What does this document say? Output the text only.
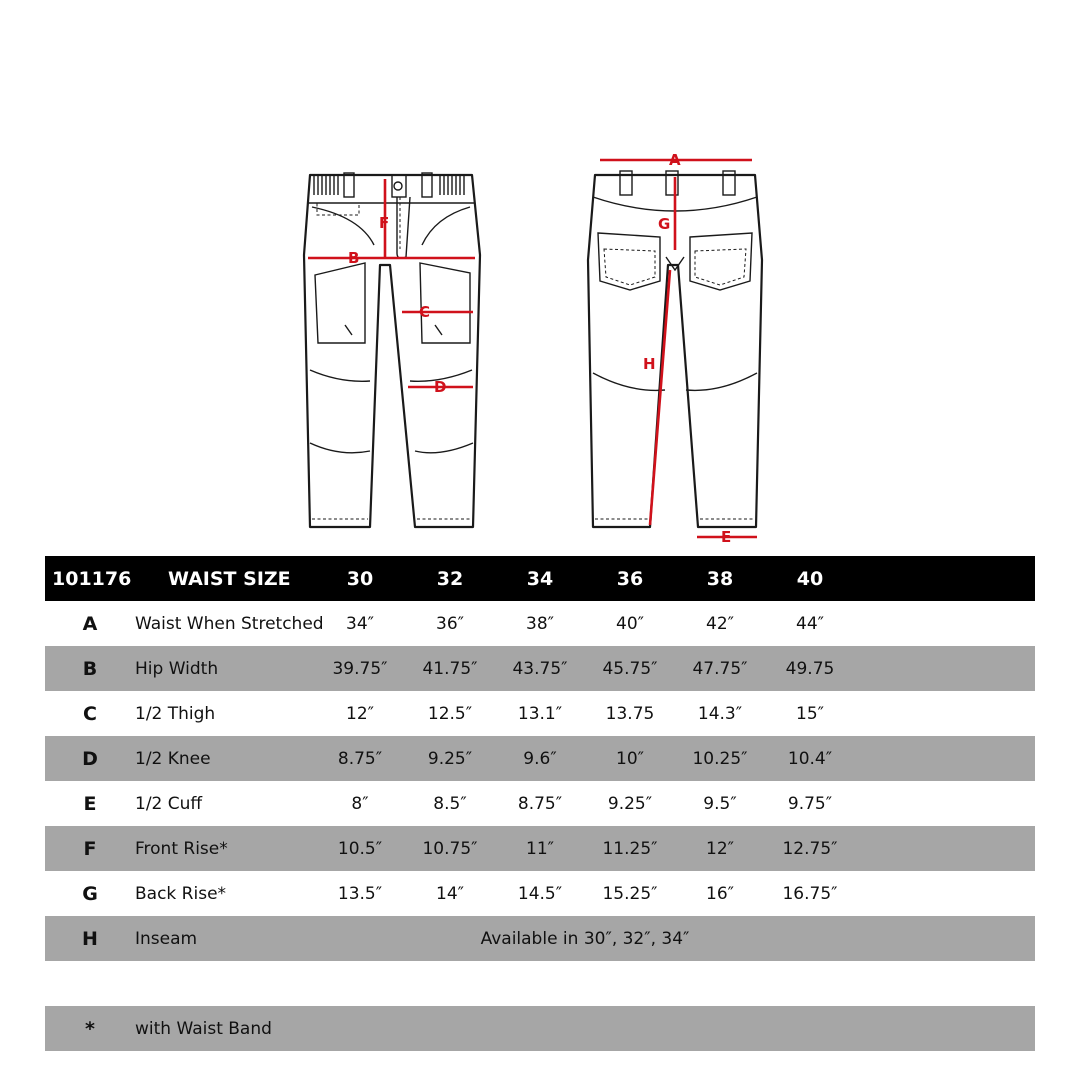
F
B
C
D
A
G
H
E
101176 WAIST SIZE	30	32	34	36	38	40
A	Waist When Stretched	34″	36″	38″	40″	42″	44″
B	Hip Width	39.75″	41.75″	43.75″	45.75″	47.75″	49.75
C	1/2 Thigh	12″	12.5″	13.1″	13.75	14.3″	15″
D	1/2 Knee	8.75″	9.25″	9.6″	10″	10.25″	10.4″
E	1/2 Cuff	8″	8.5″	8.75″	9.25″	9.5″	9.75″
F	Front Rise*	10.5″	10.75″	11″	11.25″	12″	12.75″
G	Back Rise*	13.5″	14″	14.5″	15.25″	16″	16.75″
H	Inseam	Available in 30″, 32″, 34″
*	with Waist Band
